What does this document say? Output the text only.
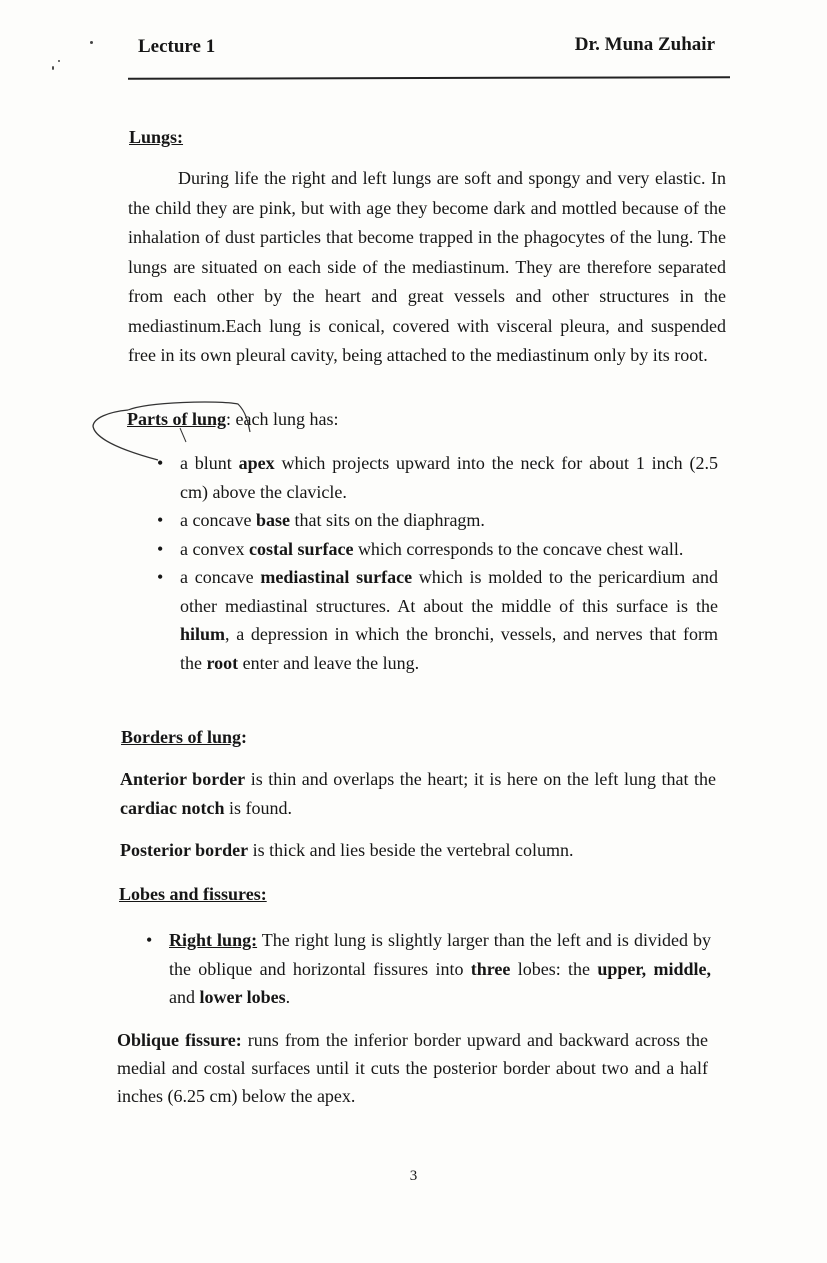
Lecture 1	Dr. Muna Zuhair
Lungs:
During life the right and left lungs are soft and spongy and very elastic. In the child they are pink, but with age they become dark and mottled because of the inhalation of dust particles that become trapped in the phagocytes of the lung. The lungs are situated on each side of the mediastinum. They are therefore separated from each other by the heart and great vessels and other structures in the mediastinum.Each lung is conical, covered with visceral pleura, and suspended free in its own pleural cavity, being attached to the mediastinum only by its root.
Parts of lung: each lung has:
• a blunt apex which projects upward into the neck for about 1 inch (2.5 cm) above the clavicle.
• a concave base that sits on the diaphragm.
• a convex costal surface which corresponds to the concave chest wall.
• a concave mediastinal surface which is molded to the pericardium and other mediastinal structures. At about the middle of this surface is the hilum, a depression in which the bronchi, vessels, and nerves that form the root enter and leave the lung.
Borders of lung:
Anterior border is thin and overlaps the heart; it is here on the left lung that the cardiac notch is found.
Posterior border is thick and lies beside the vertebral column.
Lobes and fissures:
• Right lung: The right lung is slightly larger than the left and is divided by the oblique and horizontal fissures into three lobes: the upper, middle, and lower lobes.
Oblique fissure: runs from the inferior border upward and backward across the medial and costal surfaces until it cuts the posterior border about two and a half inches (6.25 cm) below the apex.
3
